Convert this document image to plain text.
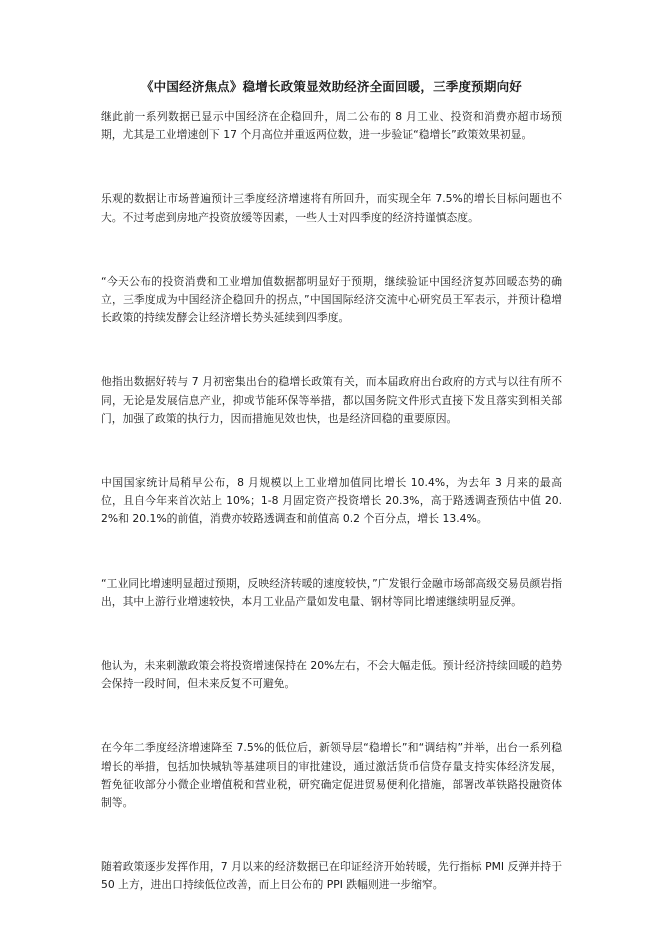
《中国经济焦点》稳增长政策显效助经济全面回暖，三季度预期向好

继此前一系列数据已显示中国经济在企稳回升，周二公布的 8 月工业、投资和消费亦超市场预期，尤其是工业增速创下 17 个月高位并重返两位数，进一步验证“稳增长”政策效果初显。

乐观的数据让市场普遍预计三季度经济增速将有所回升，而实现全年 7.5%的增长目标问题也不大。不过考虑到房地产投资放缓等因素，一些人士对四季度的经济持谨慎态度。

“今天公布的投资消费和工业增加值数据都明显好于预期，继续验证中国经济复苏回暖态势的确立，三季度成为中国经济企稳回升的拐点，”中国国际经济交流中心研究员王军表示，并预计稳增长政策的持续发酵会让经济增长势头延续到四季度。

他指出数据好转与 7 月初密集出台的稳增长政策有关，而本届政府出台政府的方式与以往有所不同，无论是发展信息产业，抑或节能环保等举措，都以国务院文件形式直接下发且落实到相关部门，加强了政策的执行力，因而措施见效也快，也是经济回稳的重要原因。

中国国家统计局稍早公布，8 月规模以上工业增加值同比增长 10.4%，为去年 3 月来的最高位，且自今年来首次站上 10%；1-8 月固定资产投资增长 20.3%，高于路透调查预估中值 20.2%和 20.1%的前值，消费亦较路透调查和前值高 0.2 个百分点，增长 13.4%。

“工业同比增速明显超过预期，反映经济转暖的速度较快，”广发银行金融市场部高级交易员颜岩指出，其中上游行业增速较快，本月工业品产量如发电量、钢材等同比增速继续明显反弹。

他认为，未来刺激政策会将投资增速保持在 20%左右，不会大幅走低。预计经济持续回暖的趋势会保持一段时间，但未来反复不可避免。

在今年二季度经济增速降至 7.5%的低位后，新领导层“稳增长”和“调结构”并举，出台一系列稳增长的举措，包括加快城轨等基建项目的审批建设，通过激活货币信贷存量支持实体经济发展，暂免征收部分小微企业增值税和营业税，研究确定促进贸易便利化措施，部署改革铁路投融资体制等。

随着政策逐步发挥作用，7 月以来的经济数据已在印证经济开始转暖，先行指标 PMI 反弹并持于 50 上方，进出口持续低位改善，而上日公布的 PPI 跌幅则进一步缩窄。
